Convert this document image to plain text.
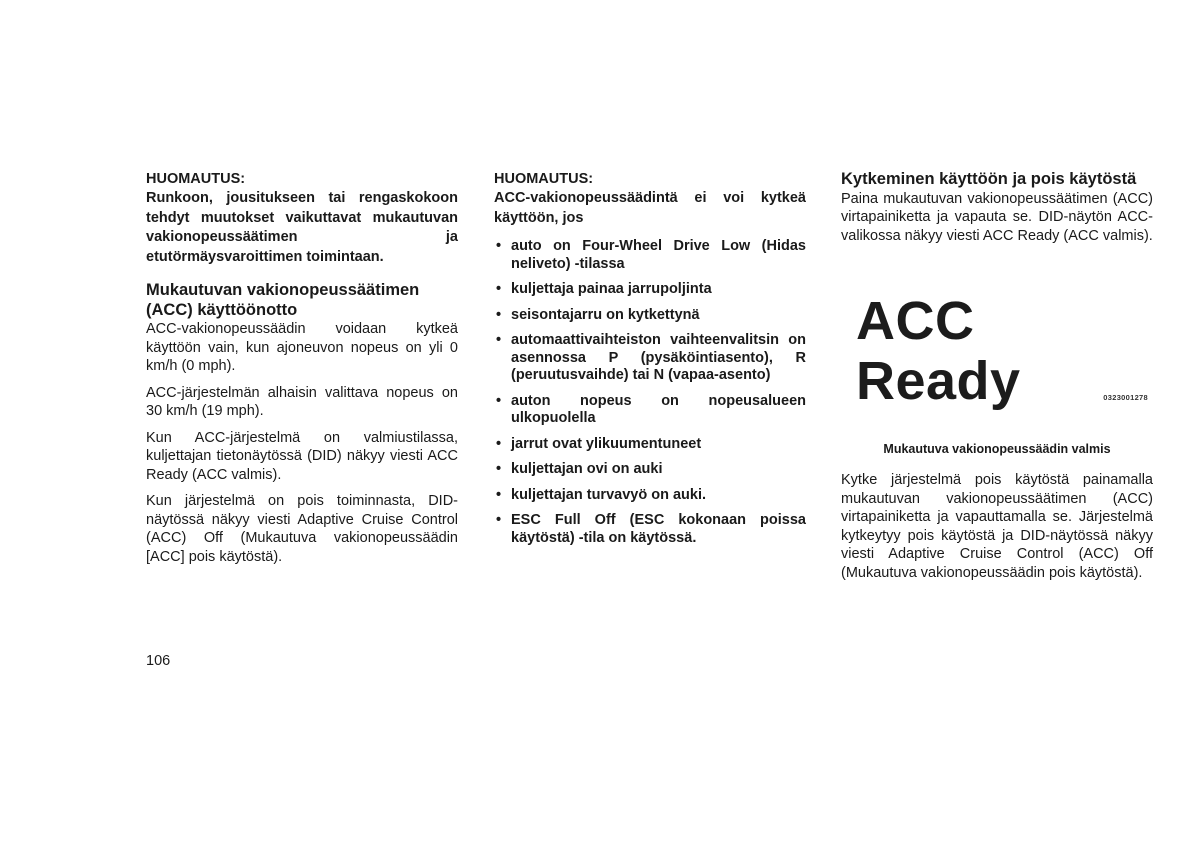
HUOMAUTUS:

Runkoon, jousitukseen tai rengaskokoon tehdyt muutokset vaikuttavat mukautuvan vakionopeussäätimen ja etutörmäysvaroittimen toimintaan.

Mukautuvan vakionopeussäätimen (ACC) käyttöönotto

ACC-vakionopeussäädin voidaan kytkeä käyttöön vain, kun ajoneuvon nopeus on yli 0 km/h (0 mph).

ACC-järjestelmän alhaisin valittava nopeus on 30 km/h (19 mph).

Kun ACC-järjestelmä on valmiustilassa, kuljettajan tietonäytössä (DID) näkyy viesti ACC Ready (ACC valmis).

Kun järjestelmä on pois toiminnasta, DID-näytössä näkyy viesti Adaptive Cruise Control (ACC) Off (Mukautuva vakionopeussäädin [ACC] pois käytöstä).

HUOMAUTUS:

ACC-vakionopeussäädintä ei voi kytkeä käyttöön, jos

• auto on Four-Wheel Drive Low (Hidas neliveto) -tilassa
• kuljettaja painaa jarrupoljinta
• seisontajarru on kytkettynä
• automaattivaihteiston vaihteenvalitsin on asennossa P (pysäköintiasento), R (peruutusvaihde) tai N (vapaa-asento)
• auton nopeus on nopeusalueen ulkopuolella
• jarrut ovat ylikuumentuneet
• kuljettajan ovi on auki
• kuljettajan turvavyö on auki.
• ESC Full Off (ESC kokonaan poissa käytöstä) -tila on käytössä.
Kytkeminen käyttöön ja pois käytöstä

Paina mukautuvan vakionopeussäätimen (ACC) virtapainiketta ja vapauta se. DID-näytön ACC-valikossa näkyy viesti ACC Ready (ACC valmis).

ACC Ready	0323001278

Mukautuva vakionopeussäädin valmis

Kytke järjestelmä pois käytöstä painamalla mukautuvan vakionopeussäätimen (ACC) virtapainiketta ja vapauttamalla se. Järjestelmä kytkeytyy pois käytöstä ja DID-näytössä näkyy viesti Adaptive Cruise Control (ACC) Off (Mukautuva vakionopeussäädin pois käytöstä).

106
